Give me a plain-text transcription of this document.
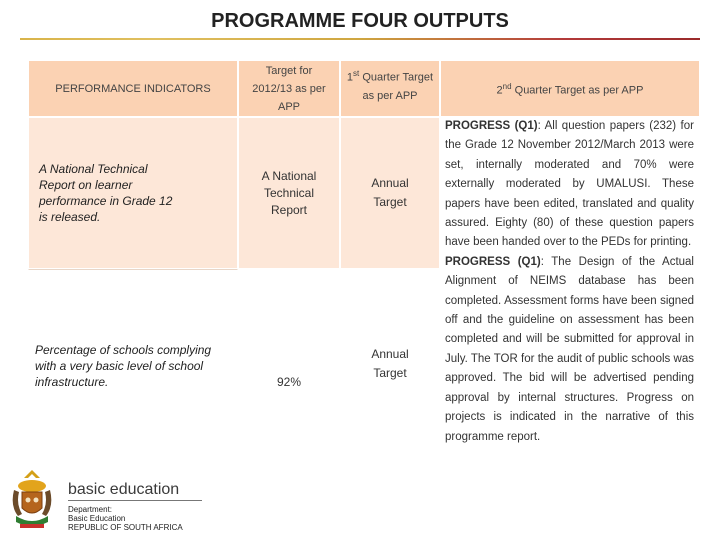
PROGRAMME FOUR OUTPUTS
PERFORMANCE INDICATORS
Target for 2012/13 as per APP
1st Quarter Target as per APP	2nd Quarter Target as per APP
A National Technical Report on learner performance in Grade 12 is released.
A National Technical Report
Annual Target
Percentage of schools complying with a very basic level of school infrastructure.	92%
Annual Target

PROGRESS (Q1): All question papers (232) for the Grade 12 November 2012/March 2013 were set, internally moderated and 70% were externally moderated by UMALUSI. These papers have been edited, translated and quality assured. Eighty (80) of these question papers have been handed over to the PEDs for printing.

PROGRESS (Q1): The Design of the Actual Alignment of NEIMS database has been completed. Assessment forms have been signed off and the guideline on assessment has been completed and will be submitted for approval in July. The TOR for the audit of public schools was approved. The bid will be advertised pending approval by internal structures. Progress on projects is indicated in the narrative of this programme report.

basic education
Department:
Basic Education
REPUBLIC OF SOUTH AFRICA
